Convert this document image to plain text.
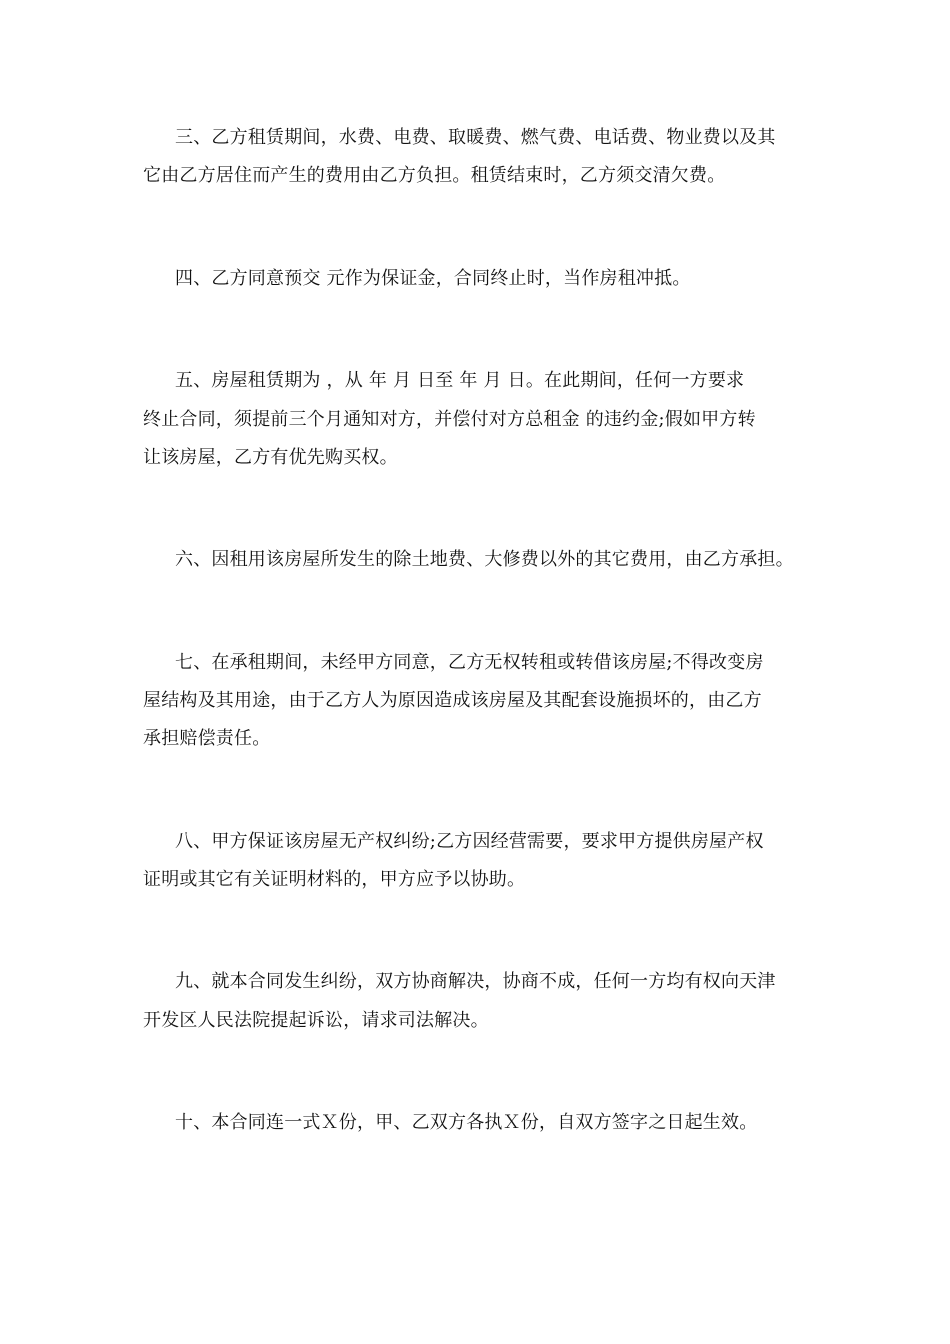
三、乙方租赁期间，水费、电费、取暖费、燃气费、电话费、物业费以及其
它由乙方居住而产生的费用由乙方负担。租赁结束时，乙方须交清欠费。
四、乙方同意预交 元作为保证金，合同终止时，当作房租冲抵。
五、房屋租赁期为 ，从 年 月 日至 年 月 日。在此期间，任何一方要求
终止合同，须提前三个月通知对方，并偿付对方总租金 的违约金;假如甲方转
让该房屋，乙方有优先购买权。
六、因租用该房屋所发生的除土地费、大修费以外的其它费用，由乙方承担。
七、在承租期间，未经甲方同意，乙方无权转租或转借该房屋;不得改变房
屋结构及其用途，由于乙方人为原因造成该房屋及其配套设施损坏的，由乙方
承担赔偿责任。
八、甲方保证该房屋无产权纠纷;乙方因经营需要，要求甲方提供房屋产权
证明或其它有关证明材料的，甲方应予以协助。
九、就本合同发生纠纷，双方协商解决，协商不成，任何一方均有权向天津
开发区人民法院提起诉讼，请求司法解决。
十、本合同连一式Ｘ份，甲、乙双方各执Ｘ份，自双方签字之日起生效。
